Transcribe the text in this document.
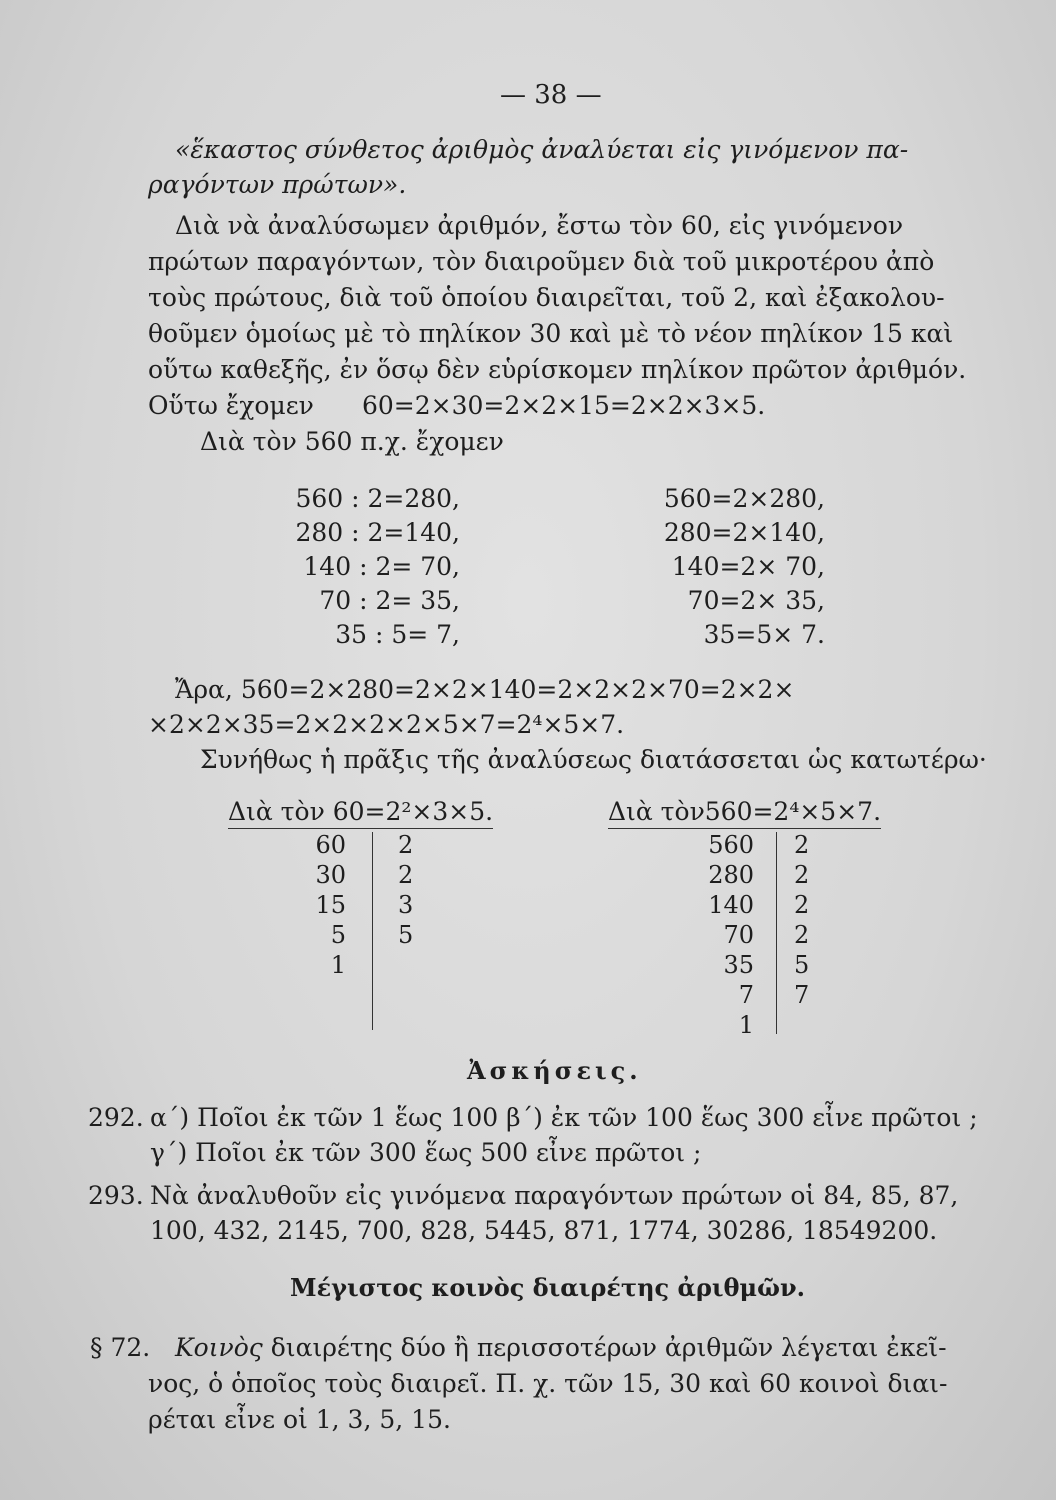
— 38 —
«ἕκαστος σύνθετος ἀριθμὸς ἀναλύεται εἰς γινόμενον πα-
ραγόντων πρώτων».
Διὰ νὰ ἀναλύσωμεν ἀριθμόν, ἔστω τὸν 60, εἰς γινόμενον
πρώτων παραγόντων, τὸν διαιροῦμεν διὰ τοῦ μικροτέρου ἀπὸ
τοὺς πρώτους, διὰ τοῦ ὁποίου διαιρεῖται, τοῦ 2, καὶ ἐξακολου-
θοῦμεν ὁμοίως μὲ τὸ πηλίκον 30 καὶ μὲ τὸ νέον πηλίκον 15 καὶ
οὕτω καθεξῆς, ἐν ὅσῳ δὲν εὑρίσκομεν πηλίκον πρῶτον ἀριθμόν.
Οὕτω ἔχομεν 60=2×30=2×2×15=2×2×3×5.
Διὰ τὸν 560 π.χ. ἔχομεν
560 : 2=280,
280 : 2=140,
140 : 2= 70,
70 : 2= 35,
35 : 5= 7,
560=2×280,
280=2×140,
140=2× 70,
70=2× 35,
35=5× 7.
Ἄρα, 560=2×280=2×2×140=2×2×2×70=2×2×
×2×2×35=2×2×2×2×5×7=2⁴×5×7.
Συνήθως ἡ πρᾶξις τῆς ἀναλύσεως διατάσσεται ὡς κατωτέρω·
Διὰ τὸν 60=2²×3×5.
60
30
15
5
1
2
2
3
5
Διὰ τὸν560=2⁴×5×7.
560
280
140
70
35
7
1
2
2
2
2
5
7
Ἀσκήσεις.
292. α΄) Ποῖοι ἐκ τῶν 1 ἕως 100 β΄) ἐκ τῶν 100 ἕως 300 εἶνε πρῶτοι ;
γ΄) Ποῖοι ἐκ τῶν 300 ἕως 500 εἶνε πρῶτοι ;
293. Νὰ ἀναλυθοῦν εἰς γινόμενα παραγόντων πρώτων οἱ 84, 85, 87,
100, 432, 2145, 700, 828, 5445, 871, 1774, 30286, 18549200.
Μέγιστος κοινὸς διαιρέτης ἀριθμῶν.
§ 72. Κοινὸς διαιρέτης δύο ἢ περισσοτέρων ἀριθμῶν λέγεται ἐκεῖ-
νος, ὁ ὁποῖος τοὺς διαιρεῖ. Π. χ. τῶν 15, 30 καὶ 60 κοινοὶ διαι-
ρέται εἶνε οἱ 1, 3, 5, 15.
